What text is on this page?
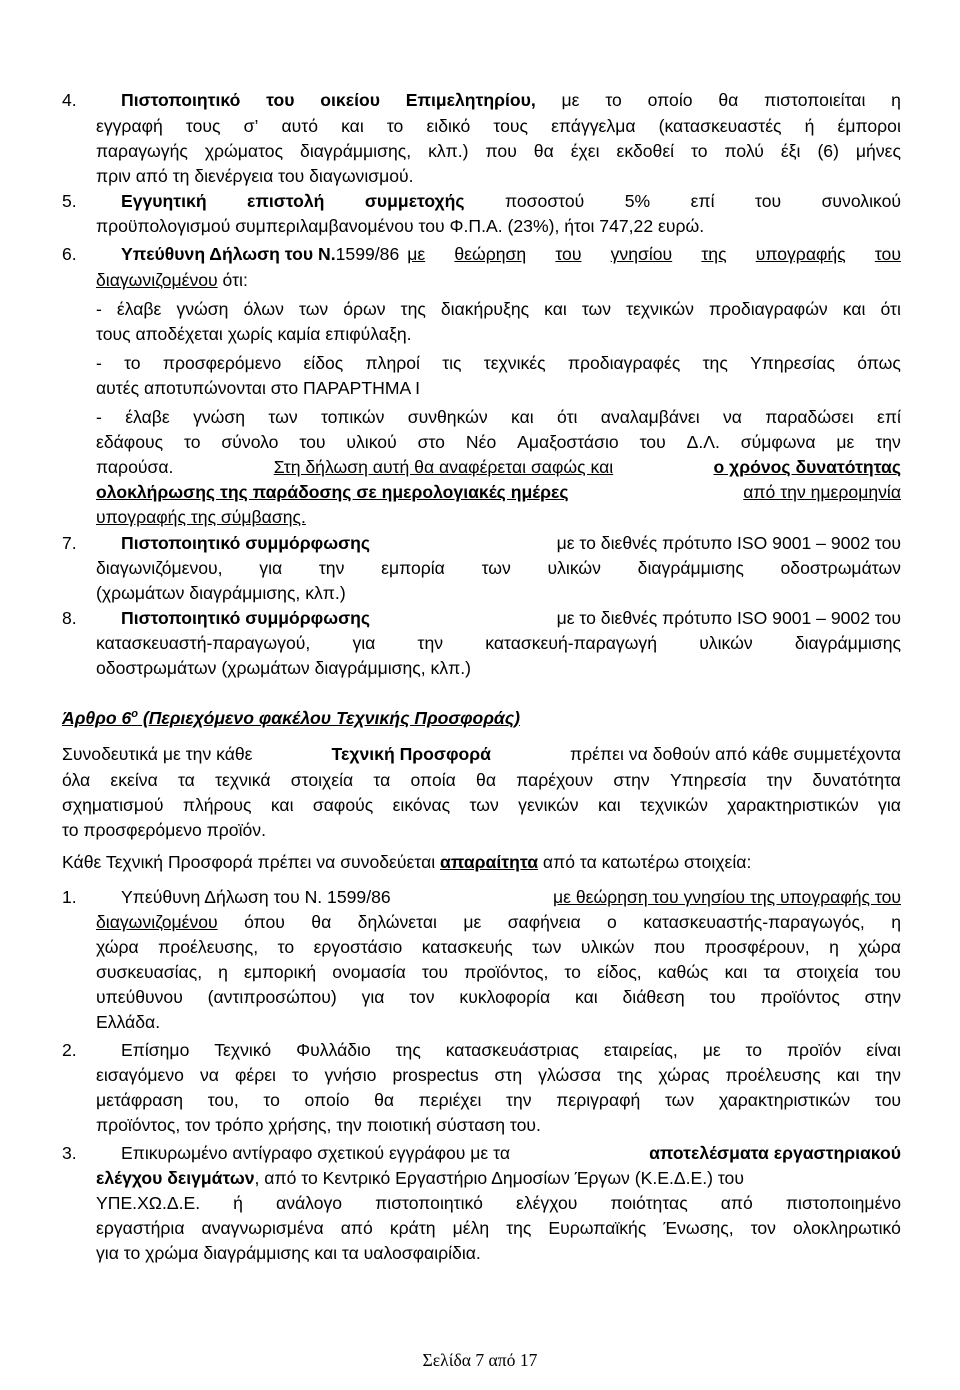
4.	Πιστοποιητικό του οικείου Επιμελητηρίου, με το οποίο θα πιστοποιείται η
εγγραφή τους σ’ αυτό και το ειδικό τους επάγγελμα (κατασκευαστές ή έμποροι
παραγωγής χρώματος διαγράμμισης, κλπ.) που θα έχει εκδοθεί το πολύ έξι (6) μήνες
πριν από τη διενέργεια του διαγωνισμού.
5.	Εγγυητική επιστολή συμμετοχής ποσοστού 5% επί του συνολικού
προϋπολογισμού συμπεριλαμβανομένου του Φ.Π.Α. (23%), ήτοι 747,22 ευρώ.
6.	Υπεύθυνη Δήλωση του Ν. 1599/86 με θεώρηση του γνησίου της υπογραφής του
διαγωνιζομένου ότι:
- έλαβε γνώση όλων των όρων της διακήρυξης και των τεχνικών προδιαγραφών και ότι
τους αποδέχεται χωρίς καμία επιφύλαξη.
- το προσφερόμενο είδος πληροί τις τεχνικές προδιαγραφές της Υπηρεσίας όπως
αυτές αποτυπώνονται στο ΠΑΡΑΡΤΗΜΑ Ι
- έλαβε γνώση των τοπικών συνθηκών και ότι αναλαμβάνει να παραδώσει επί
εδάφους το σύνολο του υλικού στο Νέο Αμαξοστάσιο του Δ.Λ. σύμφωνα με την
παρούσα.	Στη δήλωση αυτή θα αναφέρεται σαφώς και	ο χρόνος δυνατότητας
ολοκλήρωσης της παράδοσης σε ημερολογιακές ημέρες	από την ημερομηνία
υπογραφής της σύμβασης.
7.	Πιστοποιητικό συμμόρφωσης	με το διεθνές πρότυπο ISO 9001 – 9002 του
διαγωνιζόμενου, για την εμπορία των υλικών διαγράμμισης οδοστρωμάτων
(χρωμάτων διαγράμμισης, κλπ.)
8.	Πιστοποιητικό συμμόρφωσης	με το διεθνές πρότυπο ISO 9001 – 9002 του
κατασκευαστή-παραγωγού, για την κατασκευή-παραγωγή υλικών διαγράμμισης
οδοστρωμάτων (χρωμάτων διαγράμμισης, κλπ.)
Άρθρο $6^o$ (Περιεχόμενο φακέλου Τεχνικής Προσφοράς)
Συνοδευτικά με την κάθε	Τεχνική Προσφορά	πρέπει να δοθούν από κάθε συμμετέχοντα
όλα εκείνα τα τεχνικά στοιχεία τα οποία θα παρέχουν στην Υπηρεσία την δυνατότητα
σχηματισμού πλήρους και σαφούς εικόνας των γενικών και τεχνικών χαρακτηριστικών για
το προσφερόμενο προϊόν.
Κάθε Τεχνική Προσφορά πρέπει να συνοδεύεται απαραίτητα από τα κατωτέρω στοιχεία:
1.	Υπεύθυνη Δήλωση του Ν. 1599/86	με θεώρηση του γνησίου της υπογραφής του
διαγωνιζομένου όπου θα δηλώνεται με σαφήνεια ο κατασκευαστής-παραγωγός, η
χώρα προέλευσης, το εργοστάσιο κατασκευής των υλικών που προσφέρουν, η χώρα
συσκευασίας, η εμπορική ονομασία του προϊόντος, το είδος, καθώς και τα στοιχεία του
υπεύθυνου (αντιπροσώπου) για τον κυκλοφορία και διάθεση του προϊόντος στην
Ελλάδα.
2.	Επίσημο Τεχνικό Φυλλάδιο της κατασκευάστριας εταιρείας, με το προϊόν είναι
εισαγόμενο να φέρει το γνήσιο prospectus στη γλώσσα της χώρας προέλευσης και την
μετάφραση του, το οποίο θα περιέχει την περιγραφή των χαρακτηριστικών του
προϊόντος, τον τρόπο χρήσης, την ποιοτική σύσταση του.
3.	Επικυρωμένο αντίγραφο σχετικού εγγράφου με τα	αποτελέσματα εργαστηριακού
ελέγχου δειγμάτων, από το Κεντρικό Εργαστήριο Δημοσίων Έργων (Κ.Ε.Δ.Ε.) του
ΥΠΕ.ΧΩ.Δ.Ε. ή ανάλογο πιστοποιητικό ελέγχου ποιότητας από πιστοποιημένο
εργαστήρια αναγνωρισμένα από κράτη μέλη της Ευρωπαϊκής Ένωσης, τον ολοκληρωτικό
για το χρώμα διαγράμμισης και τα υαλοσφαιρίδια.
Σελίδα 7 από 17
